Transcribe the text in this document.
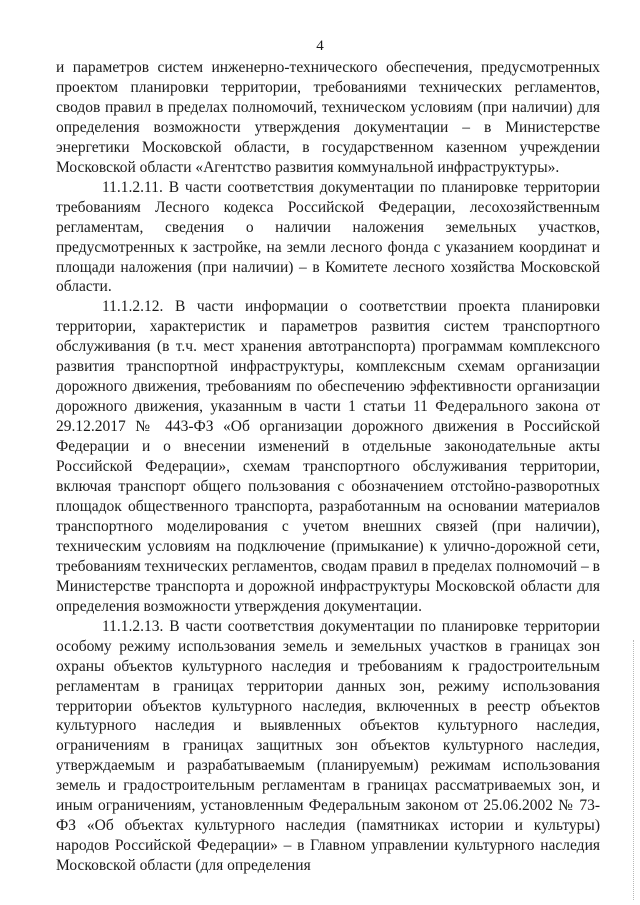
4

и параметров систем инженерно-технического обеспечения, предусмотренных проектом планировки территории, требованиями технических регламентов, сводов правил в пределах полномочий, техническом условиям (при наличии) для определения возможности утверждения документации – в Министерстве энергетики Московской области, в государственном казенном учреждении Московской области «Агентство развития коммунальной инфраструктуры».

11.1.2.11. В части соответствия документации по планировке территории требованиям Лесного кодекса Российской Федерации, лесохозяйственным регламентам, сведения о наличии наложения земельных участков, предусмотренных к застройке, на земли лесного фонда с указанием координат и площади наложения (при наличии) – в Комитете лесного хозяйства Московской области.

11.1.2.12. В части информации о соответствии проекта планировки территории, характеристик и параметров развития систем транспортного обслуживания (в т.ч. мест хранения автотранспорта) программам комплексного развития транспортной инфраструктуры, комплексным схемам организации дорожного движения, требованиям по обеспечению эффективности организации дорожного движения, указанным в части 1 статьи 11 Федерального закона от 29.12.2017 № 443-ФЗ «Об организации дорожного движения в Российской Федерации и о внесении изменений в отдельные законодательные акты Российской Федерации», схемам транспортного обслуживания территории, включая транспорт общего пользования с обозначением отстойно-разворотных площадок общественного транспорта, разработанным на основании материалов транспортного моделирования с учетом внешних связей (при наличии), техническим условиям на подключение (примыкание) к улично-дорожной сети, требованиям технических регламентов, сводам правил в пределах полномочий – в Министерстве транспорта и дорожной инфраструктуры Московской области для определения возможности утверждения документации.

11.1.2.13. В части соответствия документации по планировке территории особому режиму использования земель и земельных участков в границах зон охраны объектов культурного наследия и требованиям к градостроительным регламентам в границах территории данных зон, режиму использования территории объектов культурного наследия, включенных в реестр объектов культурного наследия и выявленных объектов культурного наследия, ограничениям в границах защитных зон объектов культурного наследия, утверждаемым и разрабатываемым (планируемым) режимам использования земель и градостроительным регламентам в границах рассматриваемых зон, и иным ограничениям, установленным Федеральным законом от 25.06.2002 № 73-ФЗ «Об объектах культурного наследия (памятниках истории и культуры) народов Российской Федерации» – в Главном управлении культурного наследия Московской области (для определения
